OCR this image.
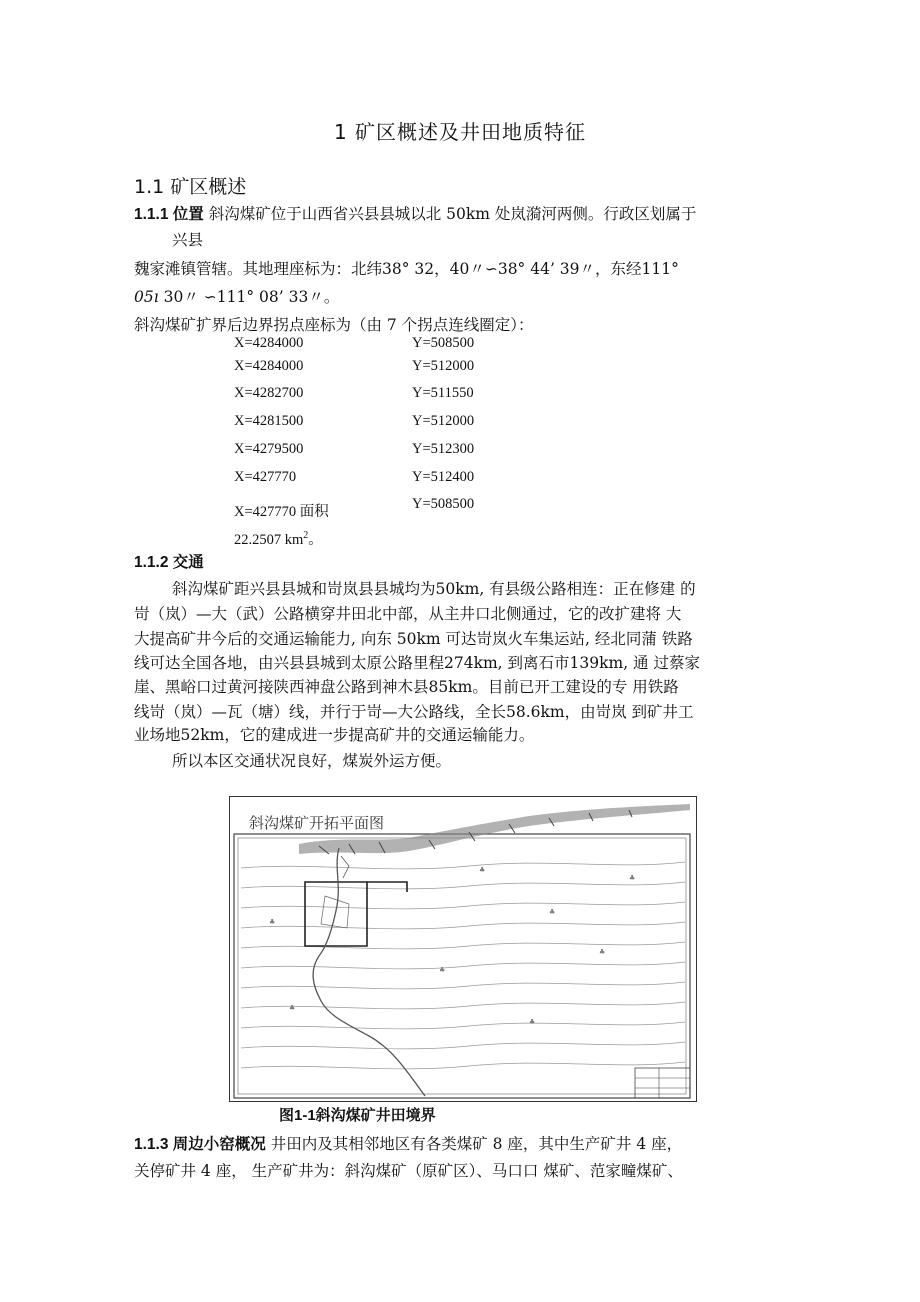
1 矿区概述及井田地质特征
1.1 矿区概述
1.1.1 位置 斜沟煤矿位于山西省兴县县城以北 50km 处岚漪河两侧。行政区划属于
兴县
魏家滩镇管辖。其地理座标为：北纬38° 32，40〃∽38° 44’ 39〃，东经111°
05ı 30〃 ∽111° 08’ 33〃。
斜沟煤矿扩界后边界拐点座标为（由 7 个拐点连线圈定）：
X=4284000	Y=508500
X=4284000	Y=512000
X=4282700	Y=511550
X=4281500	Y=512000
X=4279500	Y=512300
X=427770	Y=512400
X=427770 面积	Y=508500
22.2507 $km^2$。
1.1.2 交通
斜沟煤矿距兴县县城和岢岚县县城均为50km, 有县级公路相连：正在修建 的
岢（岚）—大（武）公路横穿井田北中部，从主井口北侧通过，它的改扩建将 大
大提高矿井今后的交通运输能力, 向东 50km 可达岢岚火车集运站, 经北同蒲 铁路
线可达全国各地，由兴县县城到太原公路里程274km, 到离石市139km, 通 过蔡家
崖、黑峪口过黄河接陕西神盘公路到神木县85km。目前已开工建设的专 用铁路
线岢（岚）—瓦（塘）线，并行于岢—大公路线，全长58.6km，由岢岚 到矿井工
业场地52km，它的建成进一步提高矿井的交通运输能力。
所以本区交通状况良好，煤炭外运方便。
斜沟煤矿开拓平面图
♣
♣
♣
♣
♣
♣
♣
♣
图1-1斜沟煤矿井田境界
1.1.3 周边小窑概况 井田内及其相邻地区有各类煤矿 8 座，其中生产矿井 4 座，
关停矿井 4 座， 生产矿井为：斜沟煤矿（原矿区）、马口口 煤矿、范家疃煤矿、
